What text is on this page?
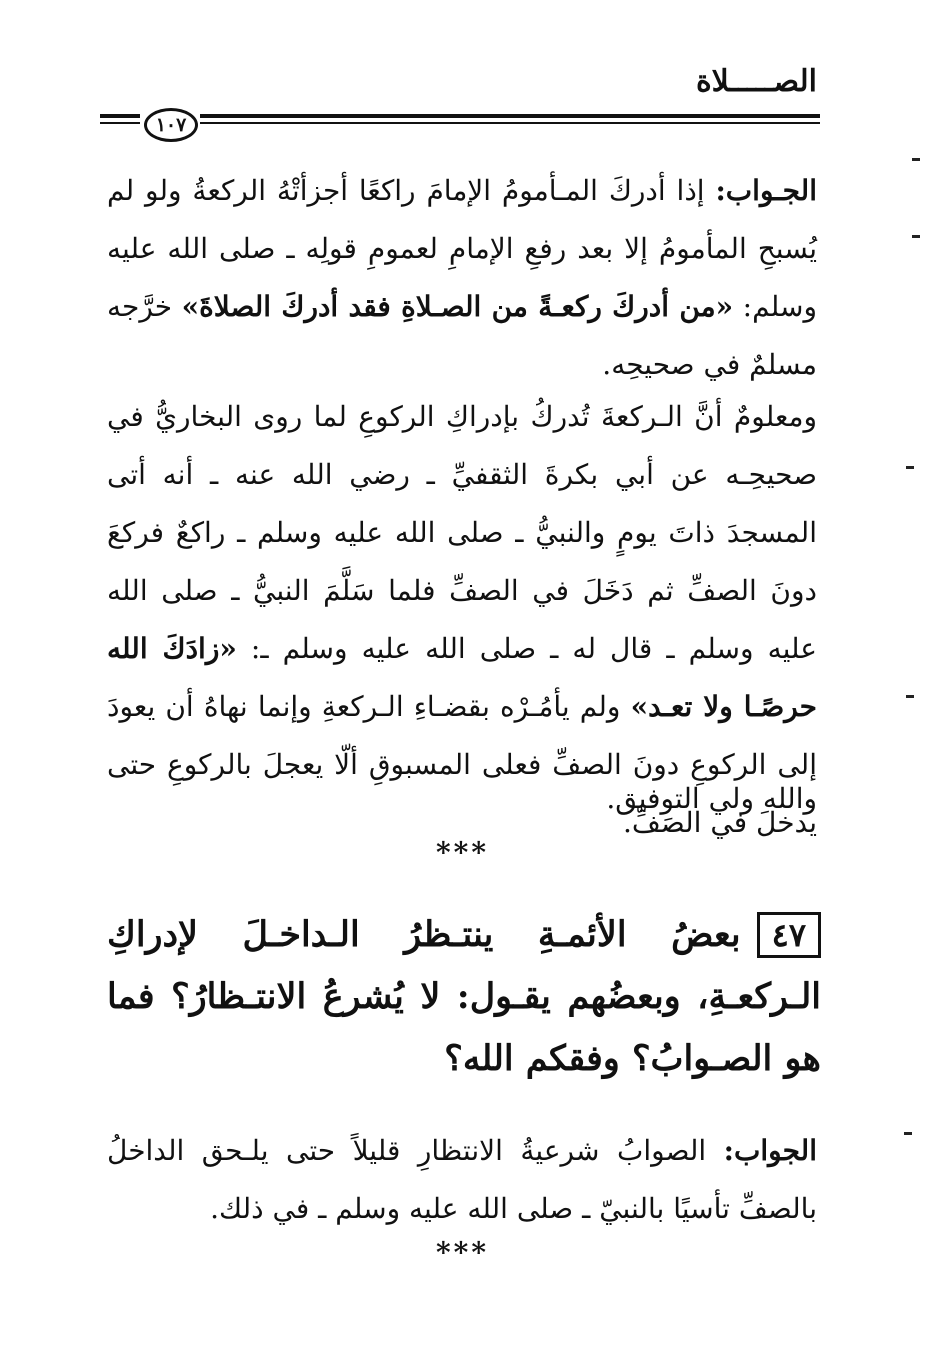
الصـــــلاة
١٠٧
الجـواب: إذا أدركَ المـأمومُ الإمامَ راكعًا أجزأتْهُ الركعةُ ولو لم يُسبحِ المأمومُ إلا بعد رفعِ الإمامِ لعمومِ قولِه ـ صلى الله عليه وسلم: «من أدركَ ركعـةً من الصـلاةِ فقد أدركَ الصلاةَ» خرَّجه مسلمٌ في صحيحِه.
ومعلومٌ أنَّ الـركعةَ تُدركُ بإدراكِ الركوعِ لما روى البخاريُّ في صحيحِـه عن أبي بكرةَ الثقفيِّ ـ رضي الله عنه ـ أنه أتى المسجدَ ذاتَ يومٍ والنبيُّ ـ صلى الله عليه وسلم ـ راكعٌ فركعَ دونَ الصفِّ ثم دَخَلَ في الصفِّ فلما سَلَّمَ النبيُّ ـ صلى الله عليه وسلم ـ قال له ـ صلى الله عليه وسلم ـ: «زادَكَ الله حرصًـا ولا تعـد» ولم يأمُـرْه بقضـاءِ الـركعةِ وإنما نهاهُ أن يعودَ إلى الركوعِ دونَ الصفِّ فعلى المسبوقِ ألّا يعجلَ بالركوعِ حتى يدخلَ في الصَفِّ.
والله ولي التوفيق.
***
٤٧بعضُ الأئمـةِ ينتـظرُ الـداخـلَ لإدراكِ الـركعـةِ، وبعضُهم يقـول: لا يُشرعُ الانتـظارُ؟ فما هو الصـوابُ؟ وفقكم الله؟
الجواب: الصوابُ شرعيةُ الانتظارِ قليلاً حتى يلـحق الداخلُ بالصفِّ تأسيًا بالنبيّ ـ صلى الله عليه وسلم ـ في ذلك.
***
